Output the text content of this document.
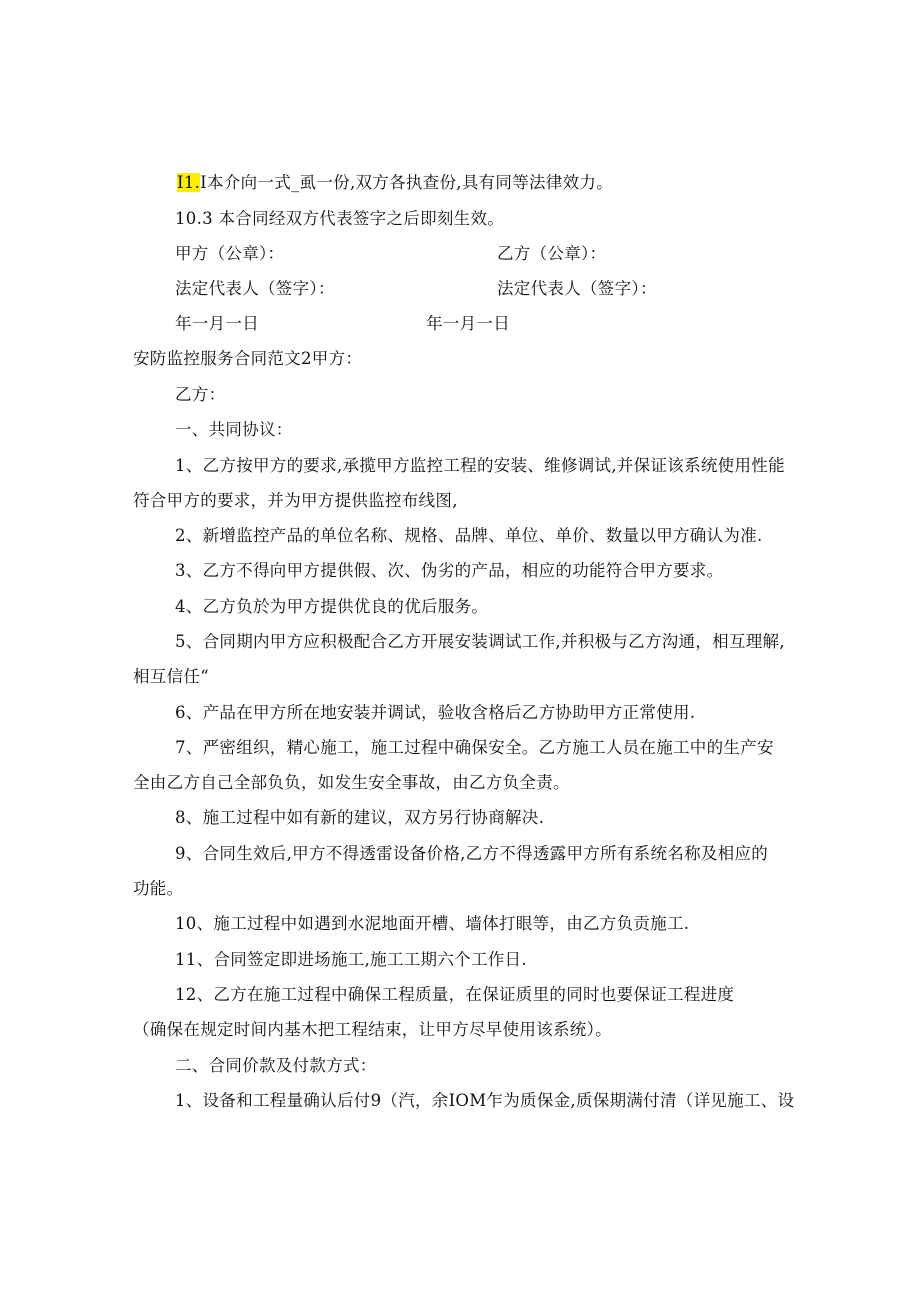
I1.I本介向一式_虱一份,双方各执查份,具有同等法律效力。
10.3 本合同经双方代表签字之后即刻生效。
甲方（公章）：	乙方（公章）：
法定代表人（签字）：	法定代表人（签字）：
年一月一日	年一月一日
安防监控服务合同范文2甲方：
乙方：
一、共同协议：
1、乙方按甲方的要求,承揽甲方监控工程的安装、维修调试,并保证该系统使用性能
符合甲方的要求，并为甲方提供监控布线图,
2、新增监控产品的单位名称、规格、品牌、单位、单价、数量以甲方确认为准.
3、乙方不得向甲方提供假、次、伪劣的产品，相应的功能符合甲方要求。
4、乙方负於为甲方提供优良的优后服务。
5、合同期内甲方应积极配合乙方开展安装调试工作,并积极与乙方沟通，相互理解,
相互信任“
6、产品在甲方所在地安装并调试，验收含格后乙方协助甲方正常使用.
7、严密组织，精心施工，施工过程中确保安全。乙方施工人员在施工中的生产安
全由乙方自己全部负负，如发生安全事故，由乙方负全责。
8、施工过程中如有新的建议，双方另行协商解决.
9、合同生效后,甲方不得透雷设备价格,乙方不得透露甲方所有系统名称及相应的
功能。
10、施工过程中如遇到水泥地面开槽、墙体打眼等，由乙方负贡施工.
11、合同签定即进场施工,施工工期六个工作日.
12、乙方在施工过程中确保工程质量，在保证质里的同时也要保证工程进度
（确保在规定时间内基木把工程结束，让甲方尽早使用该系统）。
二、合同价款及付款方式：
1、设备和工程量确认后付9（汽，余IOM乍为质保金,质保期满付清（详见施工、设
